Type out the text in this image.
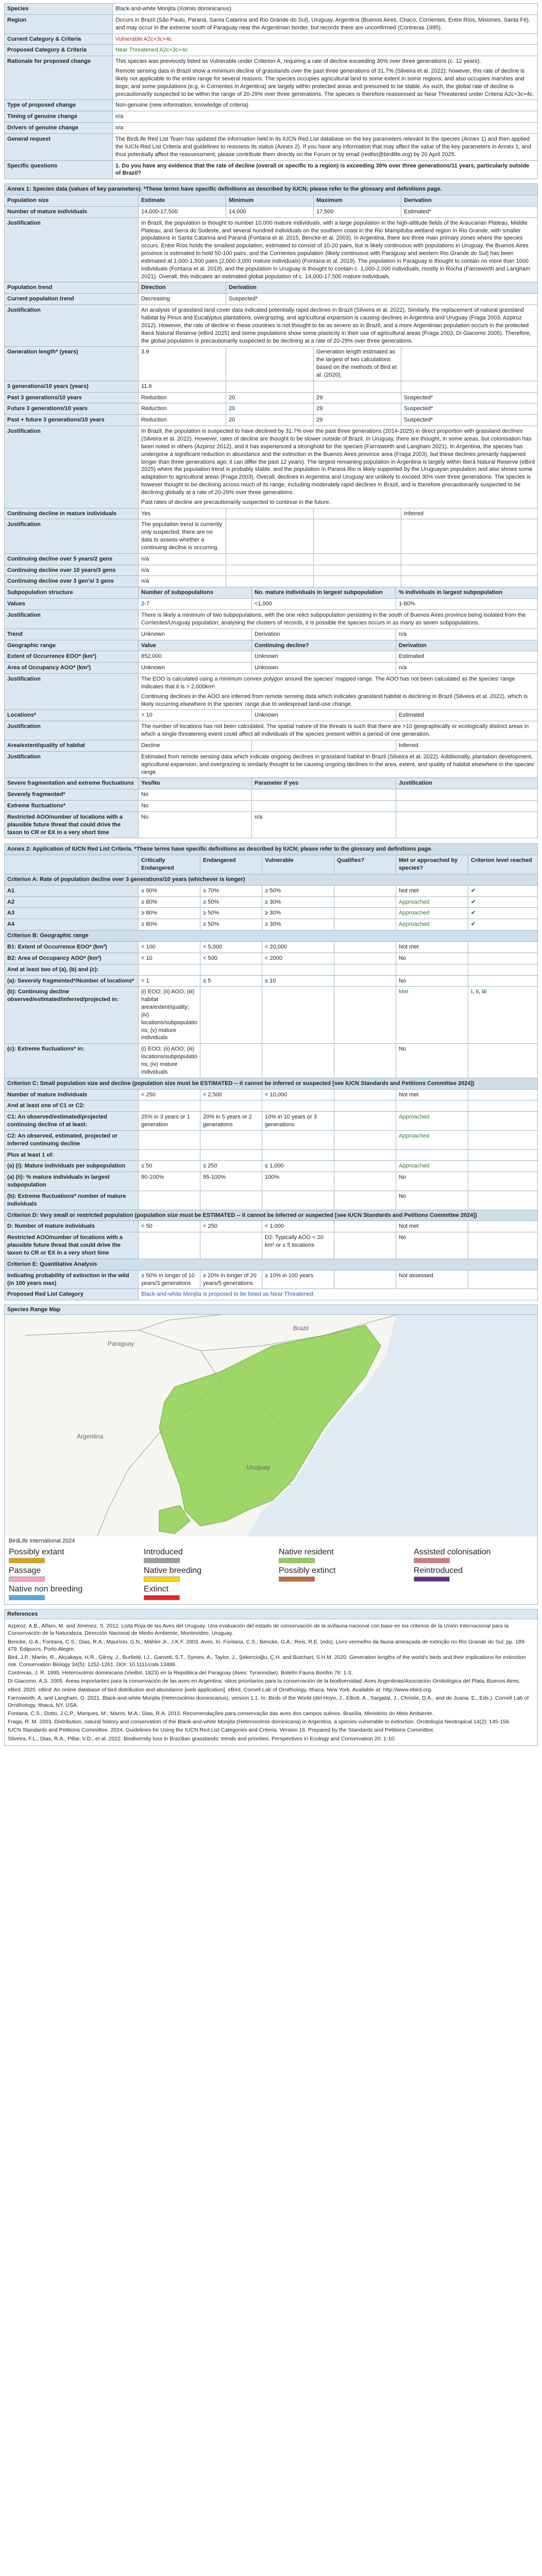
Species	Black-and-white Monjita (Xolmis dominicanus)
Region	Occurs in Brazil (São Paulo, Paraná, Santa Catarina and Rio Grande do Sul), Uruguay, Argentina (Buenos Aires, Chaco, Corrientes, Entre Ríos, Misiones, Santa Fé), and may occur in the extreme south of Paraguay near the Argentinian border, but records there are unconfirmed (Contreras 1995).
Current Category & Criteria	Vulnerable A2c+3c+4c
Proposed Category & Criteria	Near Threatened A2c+3c+4c
Rationale for proposed change	This species was previously listed as Vulnerable under Criterion A, requiring a rate of decline exceeding 30% over three generations (c. 12 years).

Remote sensing data in Brazil show a minimum decline of grasslands over the past three generations of 31.7% (Silveira et al. 2022); however, this rate of decline is likely not applicable to the entire range for several reasons. The species occupies agricultural land to some extent in some regions, and also occupies marshes and bogs; and some populations (e.g. in Corrientes in Argentina) are largely within protected areas and presumed to be stable. As such, the global rate of decline is precautionarily suspected to be within the range of 20-29% over three generations. The species is therefore reassessed as Near Threatened under Criteria A2c+3c+4c.

Type of proposed change	Non-genuine (new information, knowledge of criteria)
Timing of genuine change	n/a
Drivers of genuine change	n/a
General request	The BirdLife Red List Team has updated the information held in its IUCN Red List database on the key parameters relevant to the species (Annex 1) and then applied the IUCN Red List Criteria and guidelines to reassess its status (Annex 2). If you have any information that may affect the value of the key parameters in Annex 1, and thus potentially affect the reassessment, please contribute them directly on the Forum or by email (redlist@birdlife.org) by 20 April 2025.
Specific questions	1. Do you have any evidence that the rate of decline (overall or specific to a region) is exceeding 30% over three generations/11 years, particularly outside of Brazil?
Annex 1: Species data (values of key parameters). *These terms have specific definitions as described by IUCN; please refer to the glossary and definitions page.				
Population size	Estimate	Minimum	Maximum	Derivation
Number of mature individuals	14,000-17,500	14,000	17,500	Estimated*
Justification	In Brazil, the population is thought to number 10,000 mature individuals, with a large population in the high-altitude fields of the Araucarian Plateau, Middle Plateau, and Serra do Sudeste, and several hundred individuals on the southern coast in the Rio Mampituba wetland region in Rio Grande, with smaller populations in Santa Catarina and Paraná (Fontana et al. 2015, Bencke et al. 2003). In Argentina, there are three main primary zones where the species occurs. Entre Ríos holds the smallest population, estimated to consist of 10-20 pairs, but is likely continuous with populations in Uruguay, the Buenos Aires province is estimated to hold 50-100 pairs, and the Corrientes population (likely continuous with Paraguay and western Rio Grande do Sul) has been estimated at 1,000-1,500 pairs (2,000-3,000 mature individuals) (Fontana et al. 2019). The population in Paraguay is thought to contain no more than 1000 individuals (Fontana et al. 2019), and the population in Uruguay is thought to contain c. 1,000-2,000 individuals, mostly in Rocha (Farnsworth and Langham 2021). Overall, this indicates an estimated global population of c. 14,000-17,500 mature individuals.			
Population trend	Direction	Derivation		
Current population trend	Decreasing	Suspected*		
Justification	An analysis of grassland land cover data indicated potentially rapid declines in Brazil (Silveira et al. 2022). Similarly, the replacement of natural grassland habitat by Pinus and Eucalyptus plantations, overgrazing, and agricultural expansion is causing declines in Argentina and Uruguay (Fraga 2003, Azpiroz 2012). However, the rate of decline in these countries is not thought to be as severe as in Brazil, and a more Argentinian population occurs in the protected Iberá Natural Reserve (eBird 2025) and some populations show some plasticity in their use of agricultural areas (Fraga 2003, Di Giacomo 2005). Therefore, the global population is precautionarily suspected to be declining at a rate of 20-29% over three generations.			
Generation length* (years)	3.9		Generation length estimated as the largest of two calculations based on the methods of Bird et al. (2020).	
3 generations/10 years (years)	11.6			
Past 3 generations/10 years	Reduction	20	29	Suspected*
Future 3 generations/10 years	Reduction	20	29	Suspected*
Past + future 3 generations/10 years	Reduction	20	29	Suspected*
Justification	In Brazil, the population is suspected to have declined by 31.7% over the past three generations (2014-2025) in direct proportion with grassland declines (Silveira et al. 2022). However, rates of decline are thought to be slower outside of Brazil. In Uruguay, there are thought, in some areas, but colonisation has been noted in others (Azpiroz 2012), and it has experienced a stronghold for the species (Farnsworth and Langham 2021). In Argentina, the species has undergone a significant reduction in abundance and the extinction in the Buenos Aires province area (Fraga 2003), but these declines primarily happened longer than three generations ago; it can differ the past 12 years). The largest remaining population in Argentina is largely within Iberá Natural Reserve (eBird 2025) where the population trend is probably stable, and the population in Paraná Rio is likely supported by the Uruguayan population and also shows some adaptation to agricultural areas (Fraga 2003). Overall, declines in Argentina and Uruguay are unlikely to exceed 30% over three generations. The species is however thought to be declining across much of its range, including moderately rapid declines in Brazil, and is therefore precautionarily suspected to be declining globally at a rate of 20-29% over three generations.

Past rates of decline are precautionarily suspected to continue in the future.			

Continuing decline in mature individuals	Yes			Inferred
Justification	The population trend is currently only suspected; there are no data to assess whether a continuing decline is occurring.			
Continuing decline over 5 years/2 gens	n/a			
Continuing decline over 10 years/3 gens	n/a			
Continuing decline over 3 gen's/ 3 gens	n/a			
Subpopulation structure	Number of subpopulations	No. mature individuals in largest subpopulation	% individuals in largest subpopulation
Values	2-7	<1,000	1-80%
Justification	There is likely a minimum of two subpopulations, with the one relict subpopulation persisting in the south of Buenos Aires province being isolated from the Corrientes/Uruguay population; analysing the clusters of records, it is possible the species occurs in as many as seven subpopulations.		
Trend	Unknown	Derivation	n/a
Geographic range	Value	Continuing decline?	Derivation
Extent of Occurrence EOO* (km²)	852,000	Unknown	Estimated
Area of Occupancy AOO* (km²)	Unknown	Unknown	n/a
Justification	The EOO is calculated using a minimum convex polygon around the species' mapped range. The AOO has not been calculated as the species' range indicates that it is > 2,000km².

Continuing declines in the AOO are inferred from remote sensing data which indicates grassland habitat is declining in Brazil (Silveira et al. 2022), which is likely occurring elsewhere in the species' range due to widespread land-use change.		

Locations*	> 10	Unknown	Estimated
Justification	The number of locations has not been calculated. The spatial nature of the threats is such that there are >10 geographically or ecologically distinct areas in which a single threatening event could affect all individuals of the species present within a period of one generation.		
Area/extent/quality of habitat	Decline		Inferred
Justification	Estimated from remote sensing data which indicate ongoing declines in grassland habitat in Brazil (Silveira et al. 2022). Additionally, plantation development, agricultural expansion, and overgrazing is similarly thought to be causing ongoing declines in the area, extent, and quality of habitat elsewhere in the species' range.		
Severe fragmentation and extreme fluctuations	Yes/No	Parameter if yes	Justification
Severely fragmented*	No		
Extreme fluctuations*	No		
Restricted AOO/number of locations with a plausible future threat that could drive the taxon to CR or EX in a very short time	No	n/a	
Annex 2: Application of IUCN Red List Criteria. *These terms have specific definitions as described by IUCN; please refer to the glossary and definitions page.						
	Critically Endangered	Endangered	Vulnerable	Qualifies?	Met or approached by species?	Criterion level reached
Criterion A: Rate of population decline over 3 generations/10 years (whichever is longer)						
A1	≥ 90%	≥ 70%	≥ 50%		Not met	✔
A2	≥ 80%	≥ 50%	≥ 30%		Approached	✔
A3	≥ 80%	≥ 50%	≥ 30%		Approached	✔
A4	≥ 80%	≥ 50%	≥ 30%		Approached	✔
Criterion B: Geographic range						
B1: Extent of Occurrence EOO* (km²)	< 100	< 5,000	< 20,000		Not met	
B2: Area of Occupancy AOO* (km²)	< 10	< 500	< 2000		No	
And at least two of (a), (b) and (c):						
(a): Severely fragmented*/Number of locations*	= 1	≤ 5	≤ 10		No	
(b): Continuing decline observed/estimated/inferred/projected in:	(i) EOO; (ii) AOO; (iii) habitat area/extent/quality; (iv) locations/subpopulations; (v) mature individuals				Met	i, ii, iii
(c): Extreme fluctuations* in:	(i) EOO; (ii) AOO; (iii) locations/subpopulations; (iv) mature individuals				No	
Criterion C: Small population size and decline (population size must be ESTIMATED -- it cannot be inferred or suspected [see IUCN Standards and Petitions Committee 2024])						
Number of mature individuals	< 250	< 2,500	< 10,000		Not met	
And at least one of C1 or C2:						
C1: An observed/estimated/projected continuing decline of at least:	25% in 3 years or 1 generation	20% in 5 years or 2 generations	10% in 10 years or 3 generations		Approached	
C2: An observed, estimated, projected or inferred continuing decline					Approached	
Plus at least 1 of:						
(a) (i): Mature individuals per subpopulation	≤ 50	≤ 250	≤ 1,000		Approached	
(a) (ii): % mature individuals in largest subpopulation	90-100%	95-100%	100%		No	
(b): Extreme fluctuations* number of mature individuals					No	
Criterion D: Very small or restricted population (population size must be ESTIMATED -- it cannot be inferred or suspected [see IUCN Standards and Petitions Committee 2024])						
D: Number of mature individuals	< 50	< 250	< 1,000		Not met	
Restricted AOO/number of locations with a plausible future threat that could drive the taxon to CR or EX in a very short time			D2: Typically AOO < 20 km² or ≤ 5 locations		No	
Criterion E: Quantitative Analysis						
Indicating probability of extinction in the wild (in 100 years max)	≥ 50% in longer of 10 years/3 generations	≥ 20% in longer of 20 years/5 generations	≥ 10% in 100 years		Not assessed	
Proposed Red List Category	Black-and-white Monjita is proposed to be listed as Near Threatened.					
Species Range Map
Paraguay
Brazil
Argentina
Uruguay
BirdLife International 2024
Possibly extant	Introduced	Native resident	Assisted colonisation
Passage	Native breeding	Possibly extinct	Reintroduced
Native non breeding	Extinct
References

Azpiroz, A.B., Alfaro, M. and Jiménez, S. 2012. Lista Roja de las Aves del Uruguay. Una evaluación del estado de conservación de la avifauna nacional con base en los criterios de la Unión Internacional para la Conservación de la Naturaleza. Dirección Nacional de Medio Ambiente, Montevideo, Uruguay.

Bencke, G.A.; Fontana, C.S.; Dias, R.A.; Maurício, G.N.; Mähler Jr., J.K.F. 2003. Aves. In: Fontana, C.S.; Bencke, G.A.; Reis, R.E. (eds), Livro vermelho da fauna ameaçada de extinção no Rio Grande do Sul, pp. 189-479. Edipucrs, Porto Alegre.

Bird, J.P., Martin, R., Akçakaya, H.R., Gilroy, J., Burfield, I.J., Garnett, S.T., Symes, A., Taylor, J., Şekercioğlu, Ç.H. and Butchart, S.H.M. 2020. Generation lengths of the world's birds and their implications for extinction risk. Conservation Biology 34(5): 1252-1261. DOI: 10.1111/cobi.13486.

Contreras, J. R. 1995. Heteroxolmis dominicana (Vieillot, 1823) en la República del Paraguay (Aves: Tyrannidae). Boletín Fauna Bonfim 76: 1-3.

Di Giacomo, A.S. 2005. Áreas importantes para la conservación de las aves en Argentina: sitios prioritarios para la conservación de la biodiversidad. Aves Argentinas/Asociación Ornitológica del Plata, Buenos Aires.

eBird. 2025. eBird: An online database of bird distribution and abundance [web application]. eBird, Cornell Lab of Ornithology, Ithaca, New York. Available at: http://www.ebird.org.

Farnsworth, A. and Langham, G. 2021. Black-and-white Monjita (Heteroxolmis dominicanus), version 1.1. In: Birds of the World (del Hoyo, J., Elliott, A., Sargatal, J., Christie, D.A., and de Juana, E., Eds.). Cornell Lab of Ornithology, Ithaca, NY, USA.

Fontana, C.S.; Dotto, J.C.P.; Marques, M.; Marini, M.A.; Dias, R.A. 2015. Recomendações para conservação das aves dos campos sulinos. Brasília, Ministério do Meio Ambiente.

Fraga, R. M. 2003. Distribution, natural history and conservation of the Black-and-white Monjita (Heteroxolmis dominicana) in Argentina, a species vulnerable to extinction. Ornitología Neotropical 14(2): 145-156.

IUCN Standards and Petitions Committee. 2024. Guidelines for Using the IUCN Red List Categories and Criteria. Version 16. Prepared by the Standards and Petitions Committee.

Silveira, F.L., Dias, R.A., Pillar, V.D., et al. 2022. Biodiversity loss in Brazilian grasslands: trends and priorities. Perspectives in Ecology and Conservation 20: 1-10.
